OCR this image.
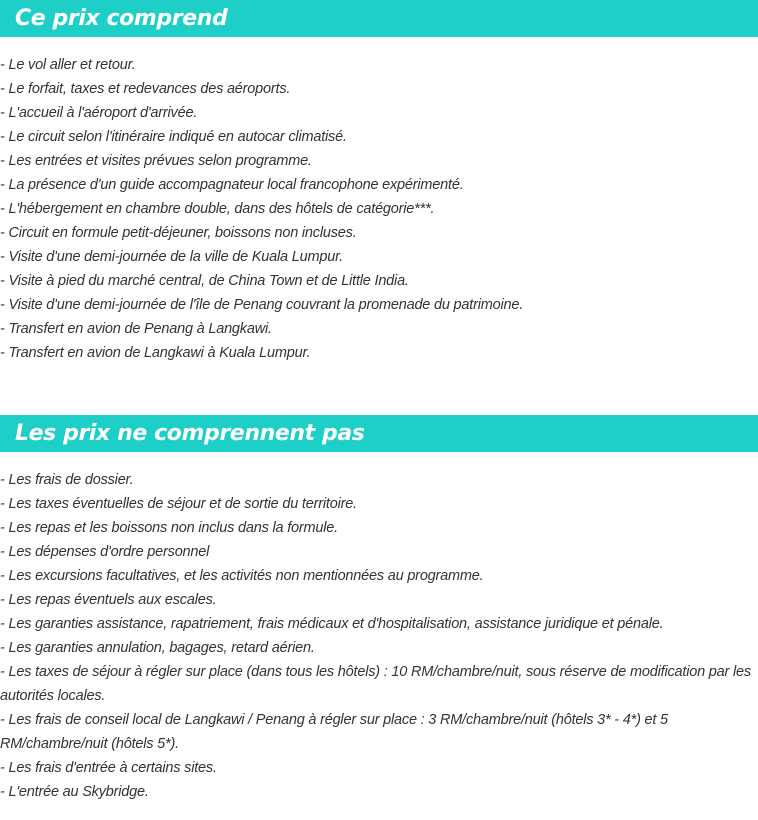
Ce prix comprend
- Le vol aller et retour.
- Le forfait, taxes et redevances des aéroports.
- L'accueil à l'aéroport d'arrivée.
- Le circuit selon l'itinéraire indiqué en autocar climatisé.
- Les entrées et visites prévues selon programme.
- La présence d'un guide accompagnateur local francophone expérimenté.
- L'hébergement en chambre double, dans des hôtels de catégorie***.
- Circuit en formule petit-déjeuner, boissons non incluses.
- Visite d'une demi-journée de la ville de Kuala Lumpur.
- Visite à pied du marché central, de China Town et de Little India.
- Visite d'une demi-journée de l'île de Penang couvrant la promenade du patrimoine.
- Transfert en avion de Penang à Langkawi.
- Transfert en avion de Langkawi à Kuala Lumpur.
Les prix ne comprennent pas
- Les frais de dossier.
- Les taxes éventuelles de séjour et de sortie du territoire.
- Les repas et les boissons non inclus dans la formule.
- Les dépenses d'ordre personnel
- Les excursions facultatives, et les activités non mentionnées au programme.
- Les repas éventuels aux escales.
- Les garanties assistance, rapatriement, frais médicaux et d'hospitalisation, assistance juridique et pénale.
- Les garanties annulation, bagages, retard aérien.
- Les taxes de séjour à régler sur place (dans tous les hôtels) : 10 RM/chambre/nuit, sous réserve de modification par les autorités locales.
- Les frais de conseil local de Langkawi / Penang à régler sur place : 3 RM/chambre/nuit (hôtels 3* - 4*) et 5 RM/chambre/nuit (hôtels 5*).
- Les frais d'entrée à certains sites.
- L'entrée au Skybridge.
